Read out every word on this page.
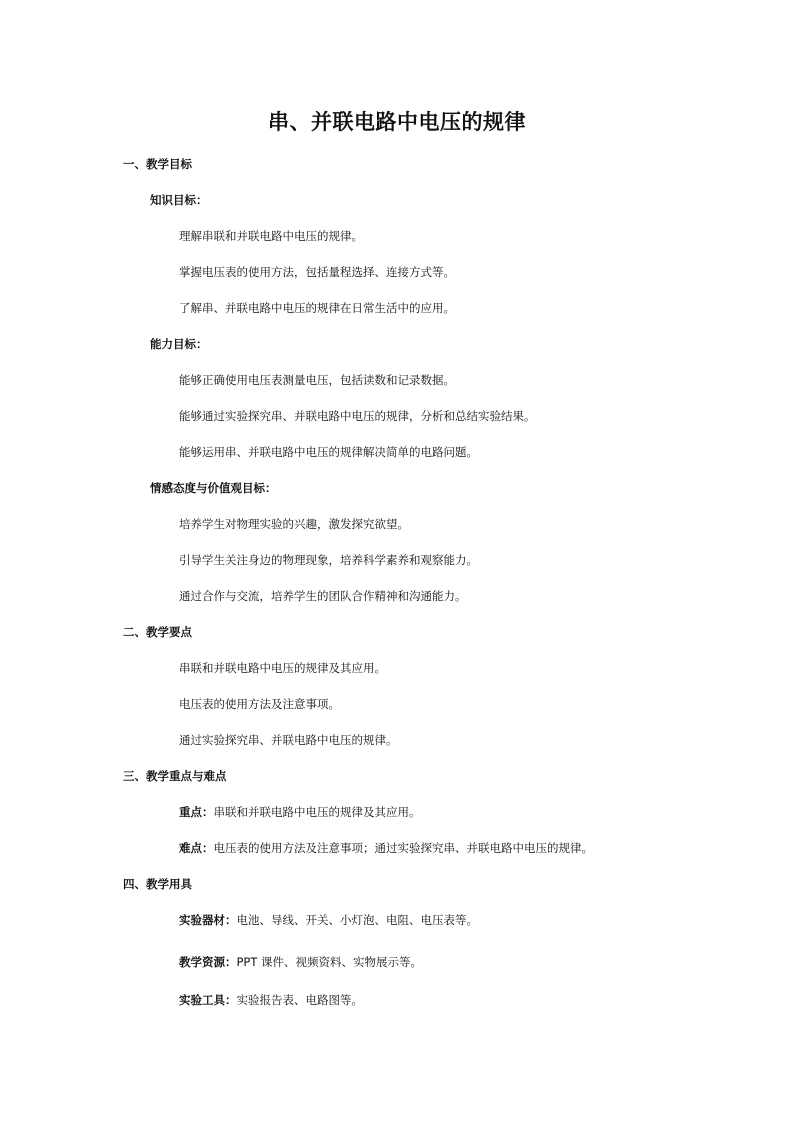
串、并联电路中电压的规律
一、教学目标
知识目标：
理解串联和并联电路中电压的规律。
掌握电压表的使用方法，包括量程选择、连接方式等。
了解串、并联电路中电压的规律在日常生活中的应用。
能力目标：
能够正确使用电压表测量电压，包括读数和记录数据。
能够通过实验探究串、并联电路中电压的规律，分析和总结实验结果。
能够运用串、并联电路中电压的规律解决简单的电路问题。
情感态度与价值观目标：
培养学生对物理实验的兴趣，激发探究欲望。
引导学生关注身边的物理现象，培养科学素养和观察能力。
通过合作与交流，培养学生的团队合作精神和沟通能力。
二、教学要点
串联和并联电路中电压的规律及其应用。
电压表的使用方法及注意事项。
通过实验探究串、并联电路中电压的规律。
三、教学重点与难点
重点：串联和并联电路中电压的规律及其应用。
难点：电压表的使用方法及注意事项；通过实验探究串、并联电路中电压的规律。
四、教学用具
实验器材：电池、导线、开关、小灯泡、电阻、电压表等。
教学资源：PPT 课件、视频资料、实物展示等。
实验工具：实验报告表、电路图等。
